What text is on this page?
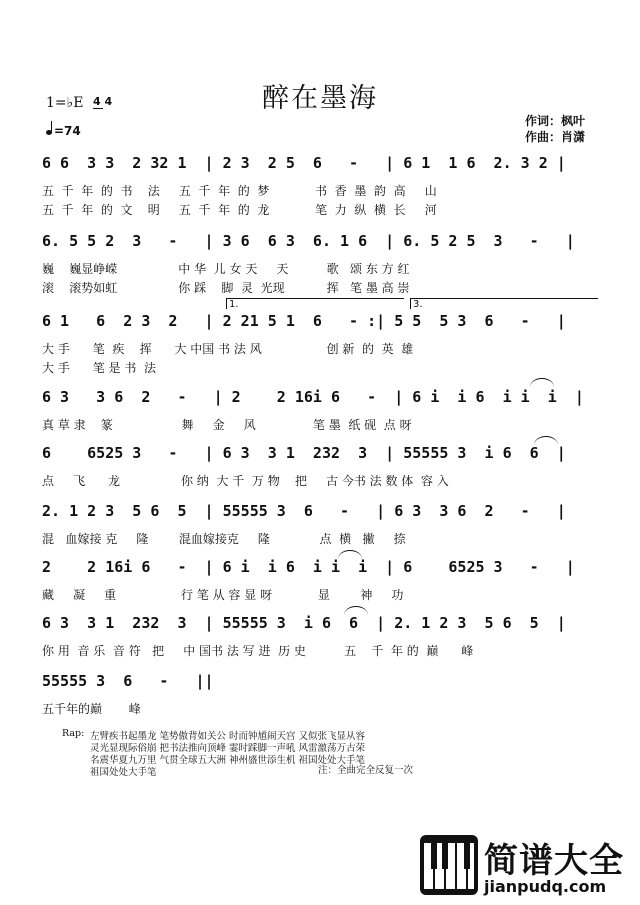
醉在墨海
1=♭E 4 4
=74
作词：枫叶
作曲：肖潇
6 6  3 3  2 32 1  | 2 3  2 5  6   -   | 6 1  1 6  2. 3 2 |
五  千  年  的  书    法     五  千  年  的  梦            书  香  墨  韵  高     山
五  千  年  的  文    明     五  千  年  的  龙            笔  力  纵  横  长     河
6. 5 5 2  3   -   | 3 6  6 3  6. 1 6  | 6. 5 2 5  3   -   |
巍    巍显峥嵘                中 华  儿 女 天     天          歌   颂 东 方 红
滚    滚势如虹                你 踩    脚  灵  光现           挥   笔 墨 高 崇
1.	3.
6 1   6  2 3  2   | 2 21 5 1  6   - :| 5 5  5 3  6   -   |
大 手      笔  疾    挥      大 中国 书 法 风                 创 新  的  英  雄
大 手      笔 是 书  法
6 3   3 6  2   -   | 2    2 16i 6   -  | 6 i  i 6  i i  i  |
真 草 隶    篆                  舞     金     风               笔 墨  纸 砚  点 呀
6    6525 3   -   | 6 3  3 1  232  3  | 55555 3  i 6  6  |
点     飞      龙                你 纳  大 千  万 物    把     古 今书 法 数 体  容 入
2. 1 2 3  5 6  5  | 55555 3  6   -   | 6 3  3 6  2   -   |
混   血嫁接 克     隆        混血嫁接克     隆             点  横   撇     捺
2    2 16i 6   -  | 6 i  i 6  i i  i  | 6    6525 3   -   |
藏     凝     重                 行 笔 从 容 显 呀            显        神     功
6 3  3 1  232  3  | 55555 3  i 6  6  | 2. 1 2 3  5 6  5  |
你 用  音 乐  音 符   把     中 国书 法 写 进  历 史          五    千  年 的  巅      峰
55555 3  6   -   ||
五千年的巅       峰
Rap: 左臂疾书起墨龙 笔势傲背如关公 时而钟馗闹天宫 又似张飞显从容
灵光显现际俗崩 把书法推向顶峰 霎时踩脚一声吼 风雷激荡万古荣
名震华夏九万里 气贯全球五大洲 神州盛世添生机 祖国处处大手笔
祖国处处大手笔	注：全曲完全反复一次
简谱大全
jianpudq.com
